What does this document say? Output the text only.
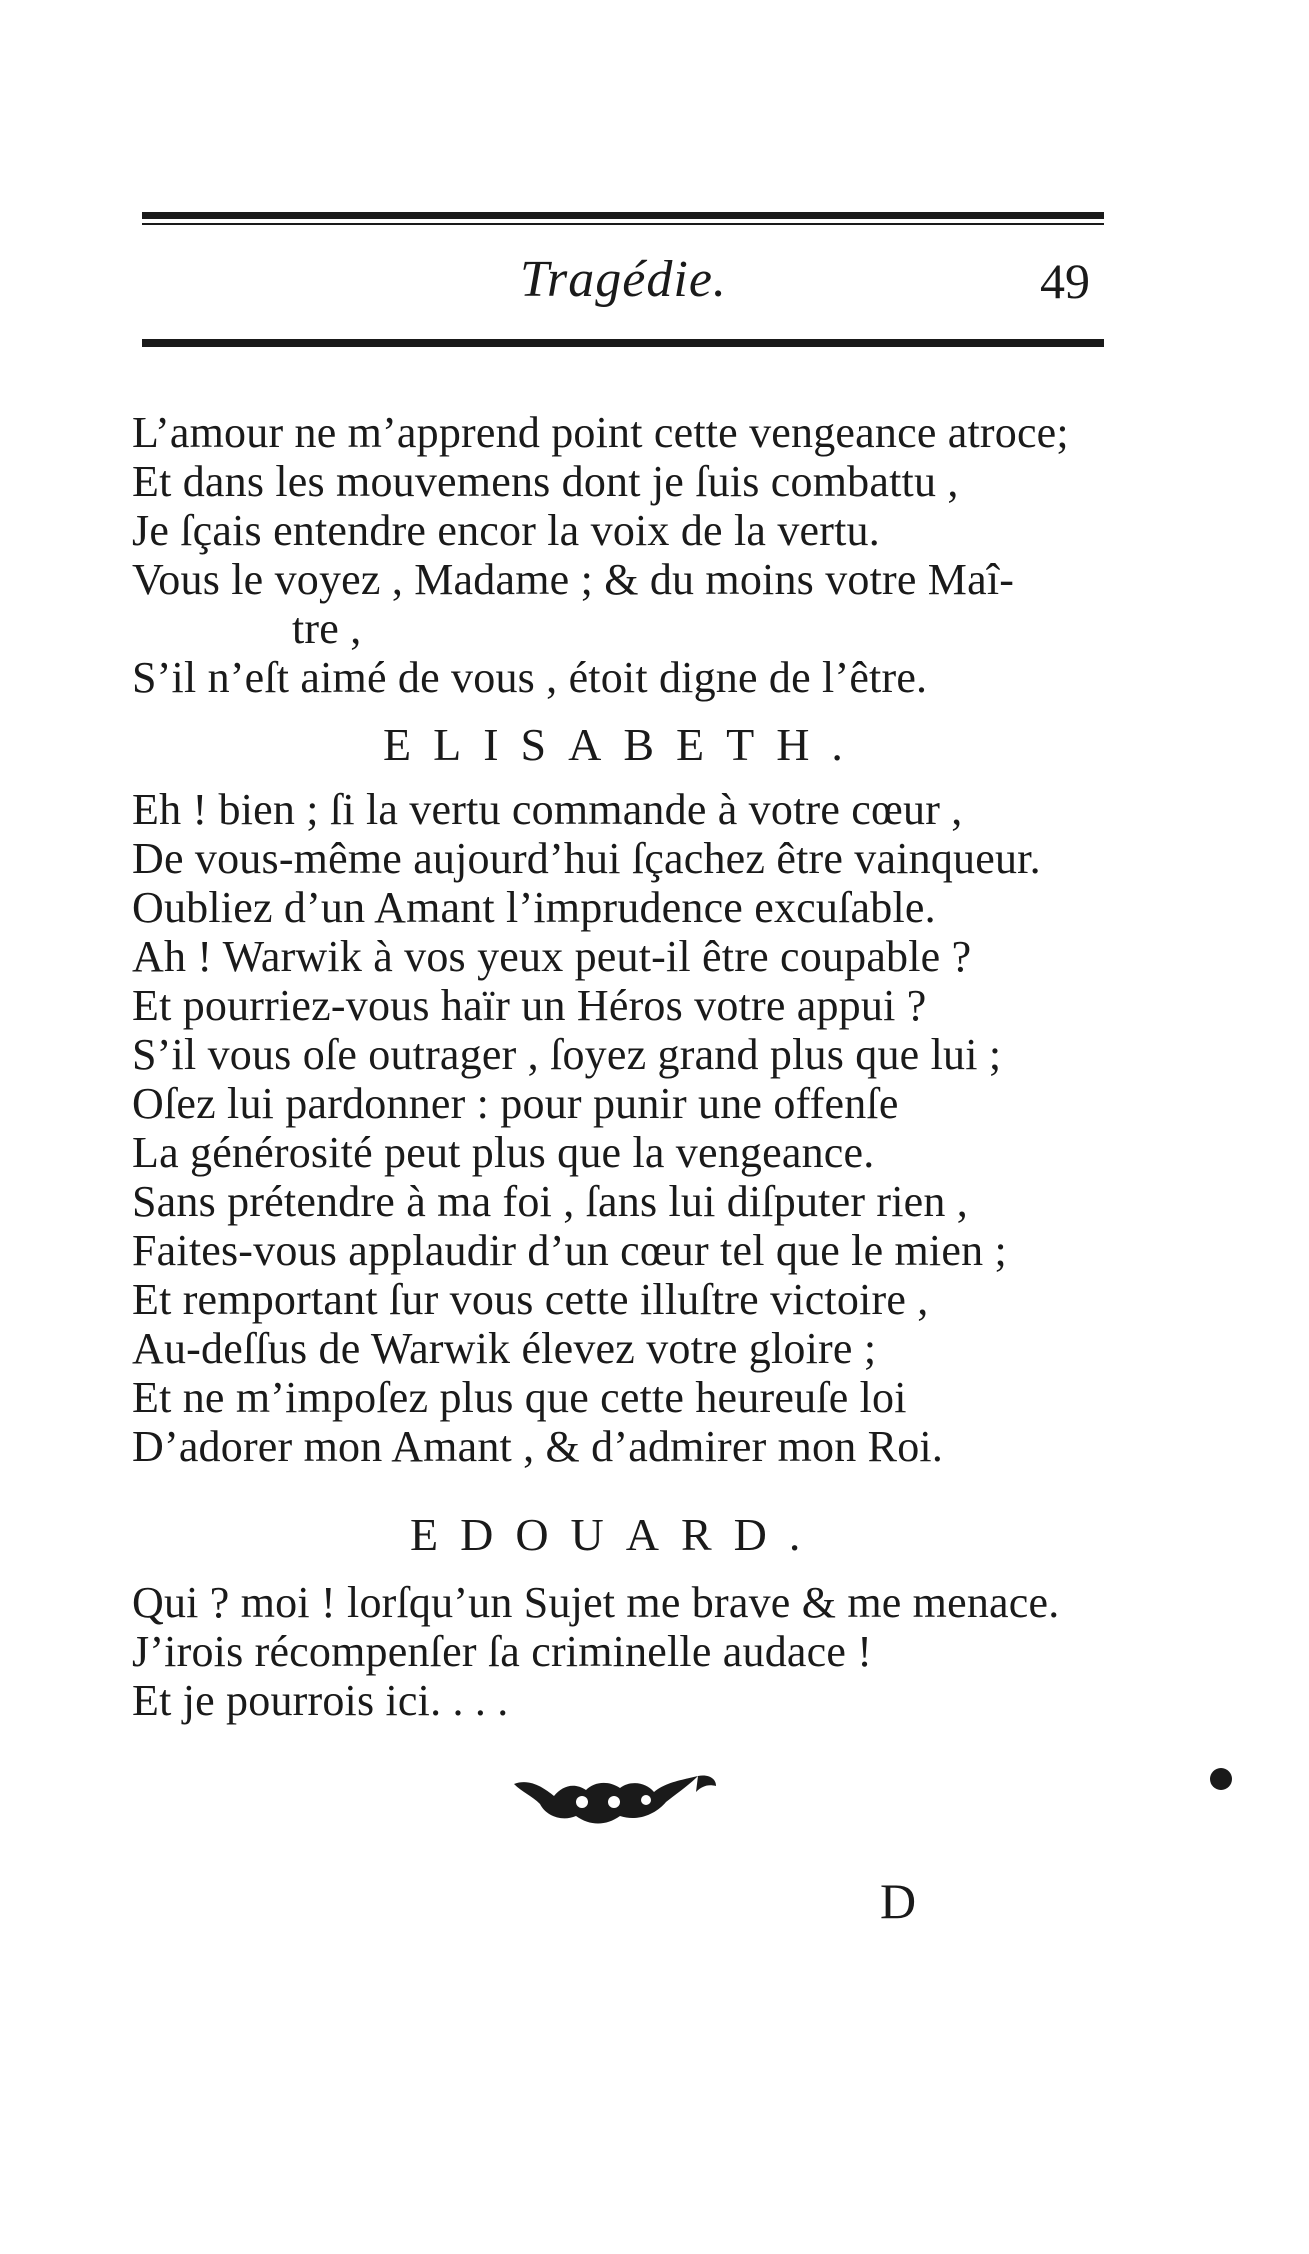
Tragédie.	49
L’amour ne m’apprend point cette vengeance atroce;
Et dans les mouvemens dont je ſuis combattu ,
Je ſçais entendre encor la voix de la vertu.
Vous le voyez , Madame ; & du moins votre Maî-
tre ,
S’il n’eſt aimé de vous , étoit digne de l’être.
ELISABETH.
Eh ! bien ; ſi la vertu commande à votre cœur ,
De vous-même aujourd’hui ſçachez être vainqueur.
Oubliez d’un Amant l’imprudence excuſable.
Ah ! Warwik à vos yeux peut-il être coupable ?
Et pourriez-vous haïr un Héros votre appui ?
S’il vous oſe outrager , ſoyez grand plus que lui ;
Oſez lui pardonner : pour punir une offenſe
La générosité peut plus que la vengeance.
Sans prétendre à ma foi , ſans lui diſputer rien ,
Faites-vous applaudir d’un cœur tel que le mien ;
Et remportant ſur vous cette illuſtre victoire ,
Au-deſſus de Warwik élevez votre gloire ;
Et ne m’impoſez plus que cette heureuſe loi
D’adorer mon Amant , & d’admirer mon Roi.
EDOUARD.
Qui ? moi ! lorſqu’un Sujet me brave & me menace.
J’irois récompenſer ſa criminelle audace !
Et je pourrois ici. . . .
D
